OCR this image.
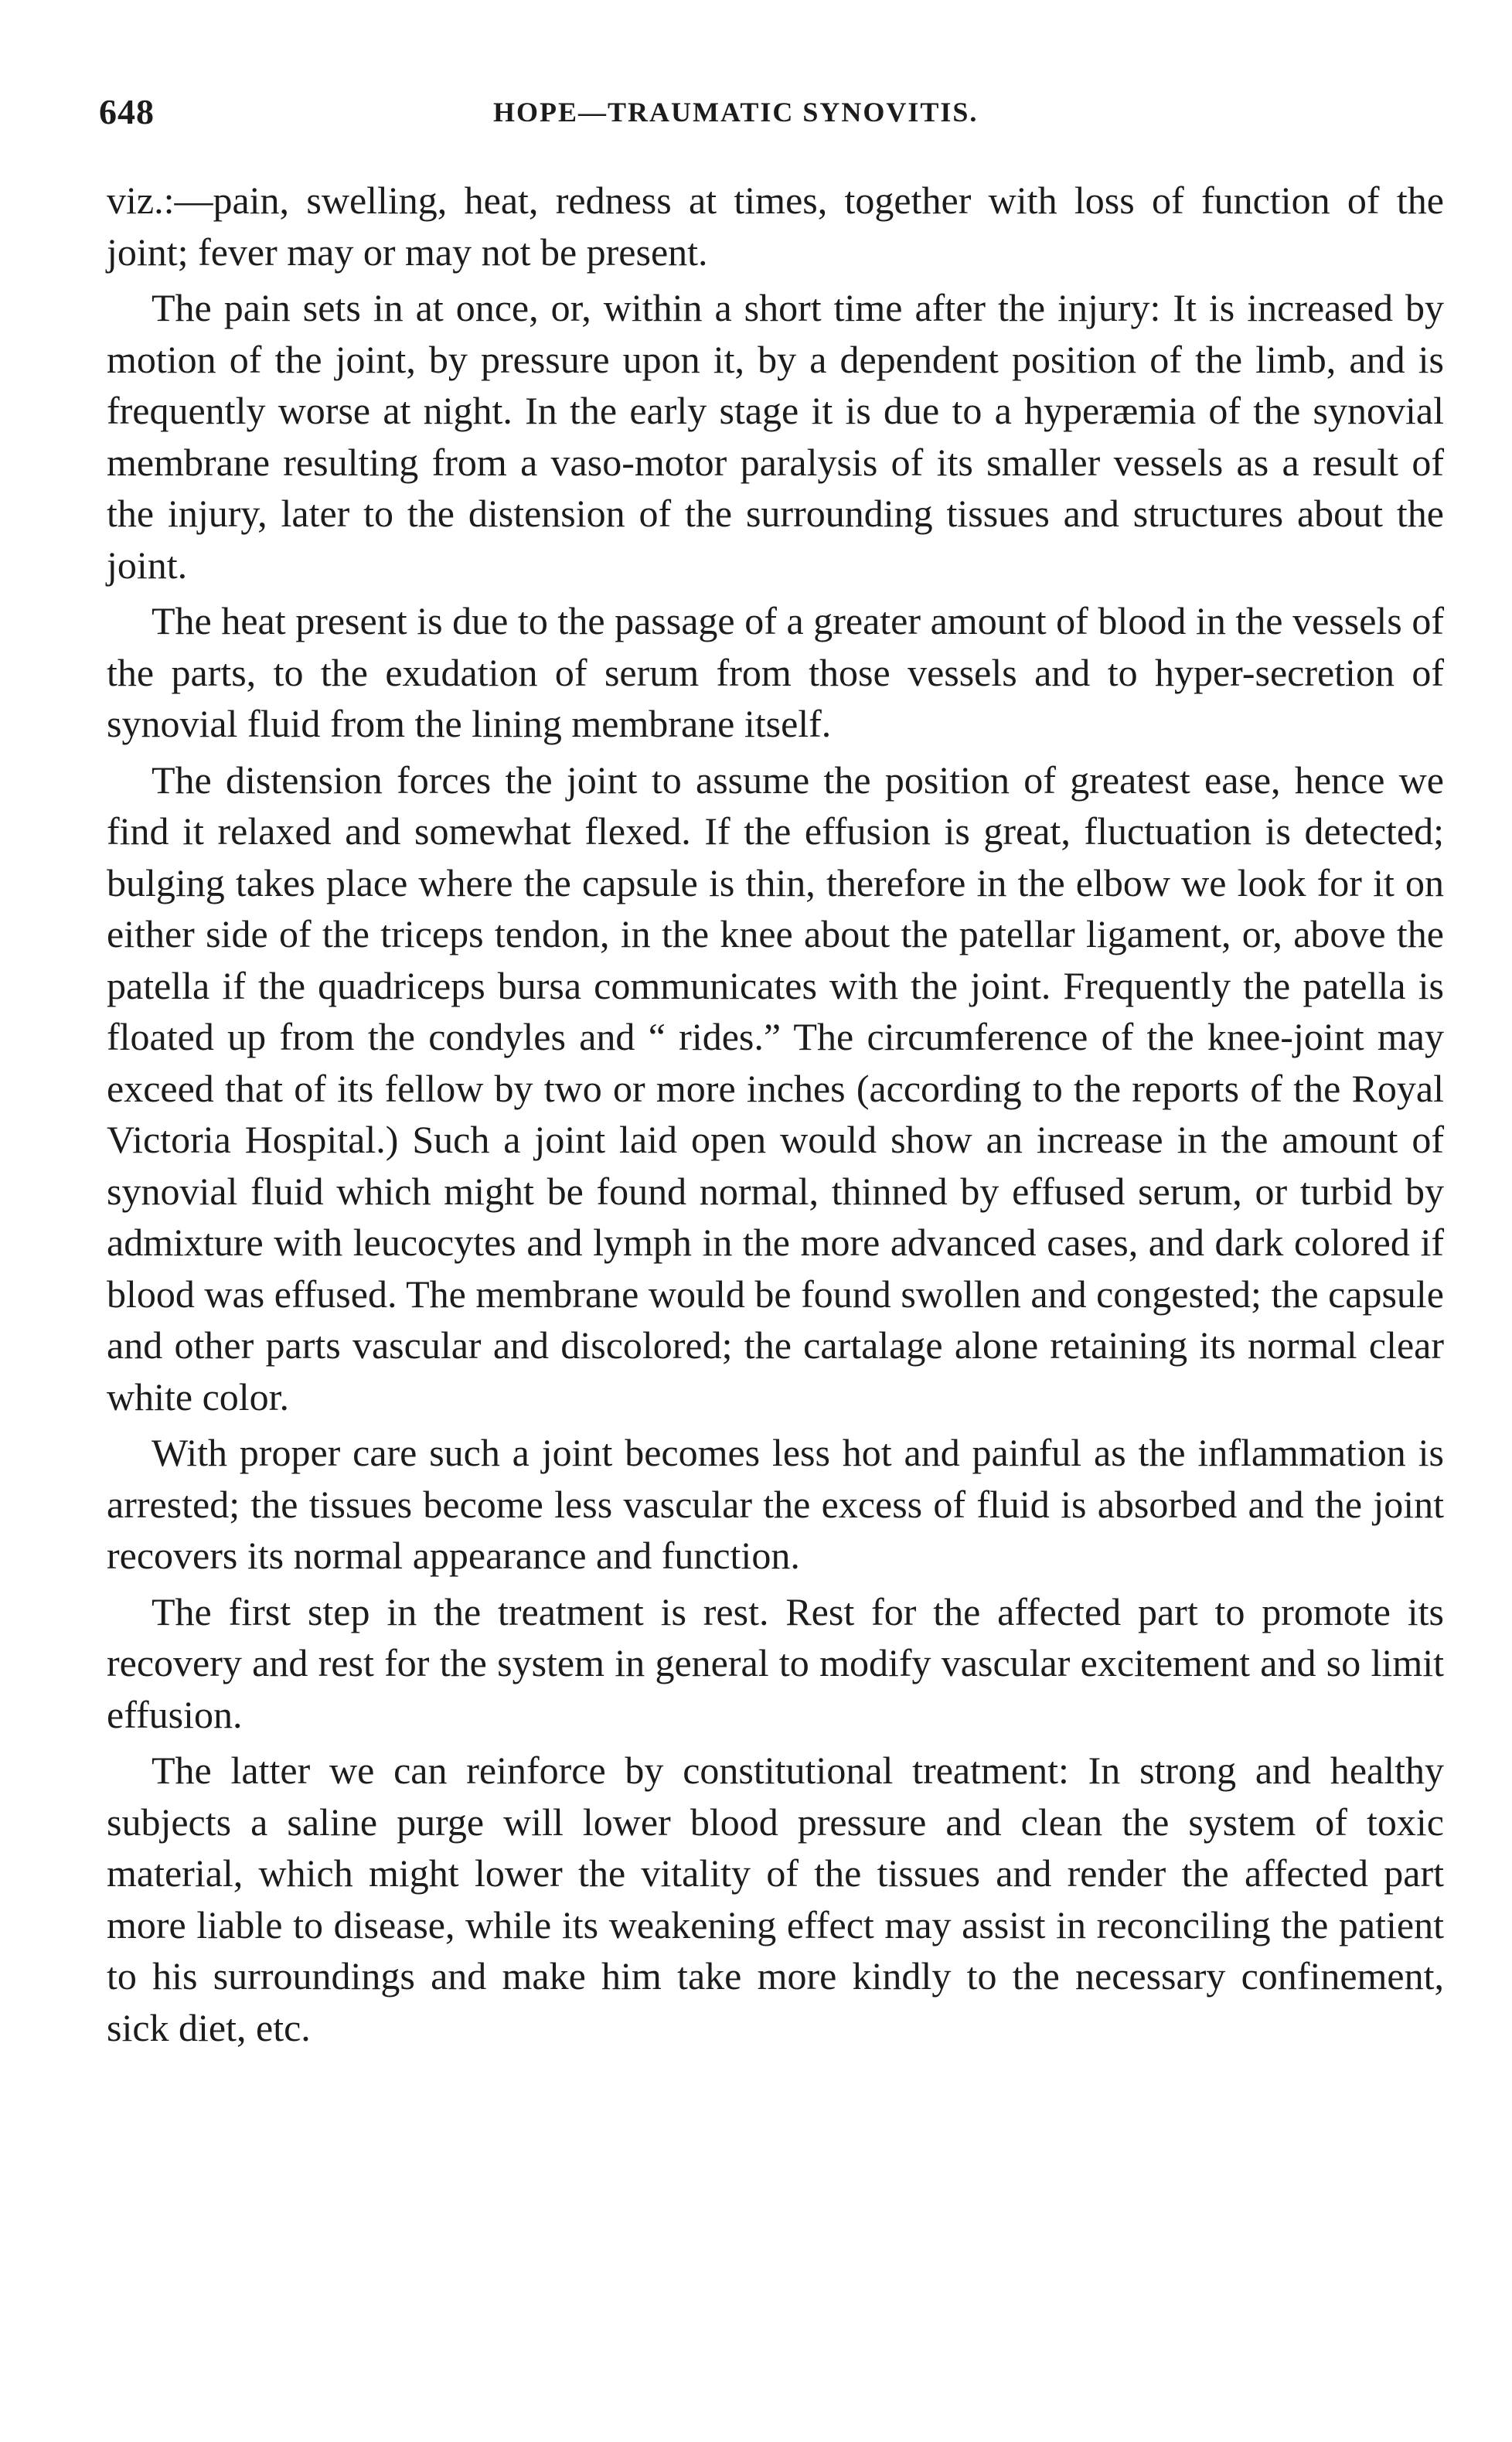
648	HOPE—TRAUMATIC SYNOVITIS.

viz.:—pain, swelling, heat, redness at times, together with loss of function of the joint; fever may or may not be present.

The pain sets in at once, or, within a short time after the injury: It is increased by motion of the joint, by pressure upon it, by a dependent position of the limb, and is frequently worse at night. In the early stage it is due to a hyperæmia of the synovial membrane resulting from a vaso-motor paralysis of its smaller vessels as a result of the injury, later to the distension of the surrounding tissues and structures about the joint.

The heat present is due to the passage of a greater amount of blood in the vessels of the parts, to the exudation of serum from those vessels and to hyper-secretion of synovial fluid from the lining membrane itself.

The distension forces the joint to assume the position of greatest ease, hence we find it relaxed and somewhat flexed. If the effusion is great, fluctuation is detected; bulging takes place where the capsule is thin, therefore in the elbow we look for it on either side of the triceps tendon, in the knee about the patellar ligament, or, above the patella if the quadriceps bursa communicates with the joint. Frequently the patella is floated up from the condyles and “ rides.” The circumference of the knee-joint may exceed that of its fellow by two or more inches (according to the reports of the Royal Victoria Hospital.) Such a joint laid open would show an increase in the amount of synovial fluid which might be found normal, thinned by effused serum, or turbid by admixture with leucocytes and lymph in the more advanced cases, and dark colored if blood was effused. The membrane would be found swollen and congested; the capsule and other parts vascular and discolored; the cartalage alone retaining its normal clear white color.

With proper care such a joint becomes less hot and painful as the inflammation is arrested; the tissues become less vascular the excess of fluid is absorbed and the joint recovers its normal appearance and function.

The first step in the treatment is rest. Rest for the affected part to promote its recovery and rest for the system in general to modify vascular excitement and so limit effusion.

The latter we can reinforce by constitutional treatment: In strong and healthy subjects a saline purge will lower blood pressure and clean the system of toxic material, which might lower the vitality of the tissues and render the affected part more liable to disease, while its weakening effect may assist in reconciling the patient to his surroundings and make him take more kindly to the necessary confinement, sick diet, etc.
